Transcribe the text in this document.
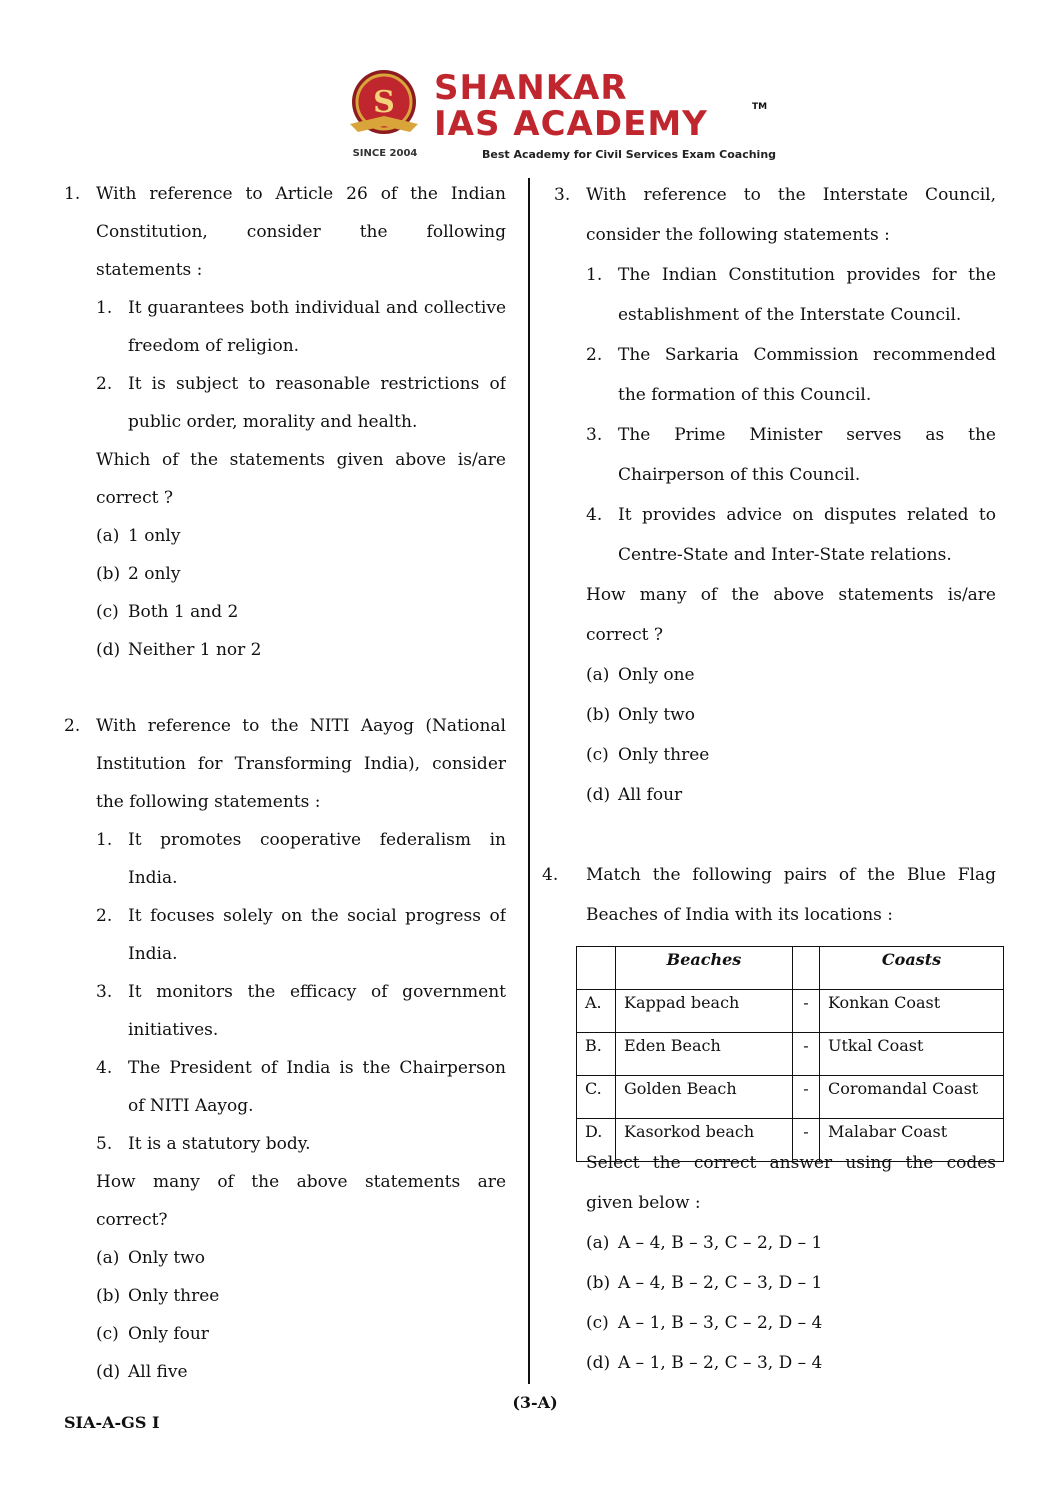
S
SINCE 2004
SHANKAR
IAS ACADEMY	TM
Best Academy for Civil Services Exam Coaching
1. With reference to Article 26 of the Indian
Constitution, consider the following
statements :
1. It guarantees both individual and collective
freedom of religion.
2. It is subject to reasonable restrictions of
public order, morality and health.
Which of the statements given above is/are
correct ?
(a) 1 only
(b) 2 only
(c) Both 1 and 2
(d) Neither 1 nor 2
2. With reference to the NITI Aayog (National
Institution for Transforming India), consider
the following statements :
1. It promotes cooperative federalism in
India.
2. It focuses solely on the social progress of
India.
3. It monitors the efficacy of government
initiatives.
4. The President of India is the Chairperson
of NITI Aayog.
5. It is a statutory body.
How many of the above statements are
correct?
(a) Only two
(b) Only three
(c) Only four
(d) All five
3. With reference to the Interstate Council,
consider the following statements :
1. The Indian Constitution provides for the
establishment of the Interstate Council.
2. The Sarkaria Commission recommended
the formation of this Council.
3. The Prime Minister serves as the
Chairperson of this Council.
4. It provides advice on disputes related to
Centre-State and Inter-State relations.
How many of the above statements is/are
correct ?
(a) Only one
(b) Only two
(c) Only three
(d) All four
4. Match the following pairs of the Blue Flag
Beaches of India with its locations :
	Beaches		Coasts
A.	Kappad beach	-	Konkan Coast
B.	Eden Beach	-	Utkal Coast
C.	Golden Beach	-	Coromandal Coast
D.	Kasorkod beach	-	Malabar Coast
Select the correct answer using the codes
given below :
(a) A – 4, B – 3, C – 2, D – 1
(b) A – 4, B – 2, C – 3, D – 1
(c) A – 1, B – 3, C – 2, D – 4
(d) A – 1, B – 2, C – 3, D – 4
(3-A)
SIA-A-GS I
